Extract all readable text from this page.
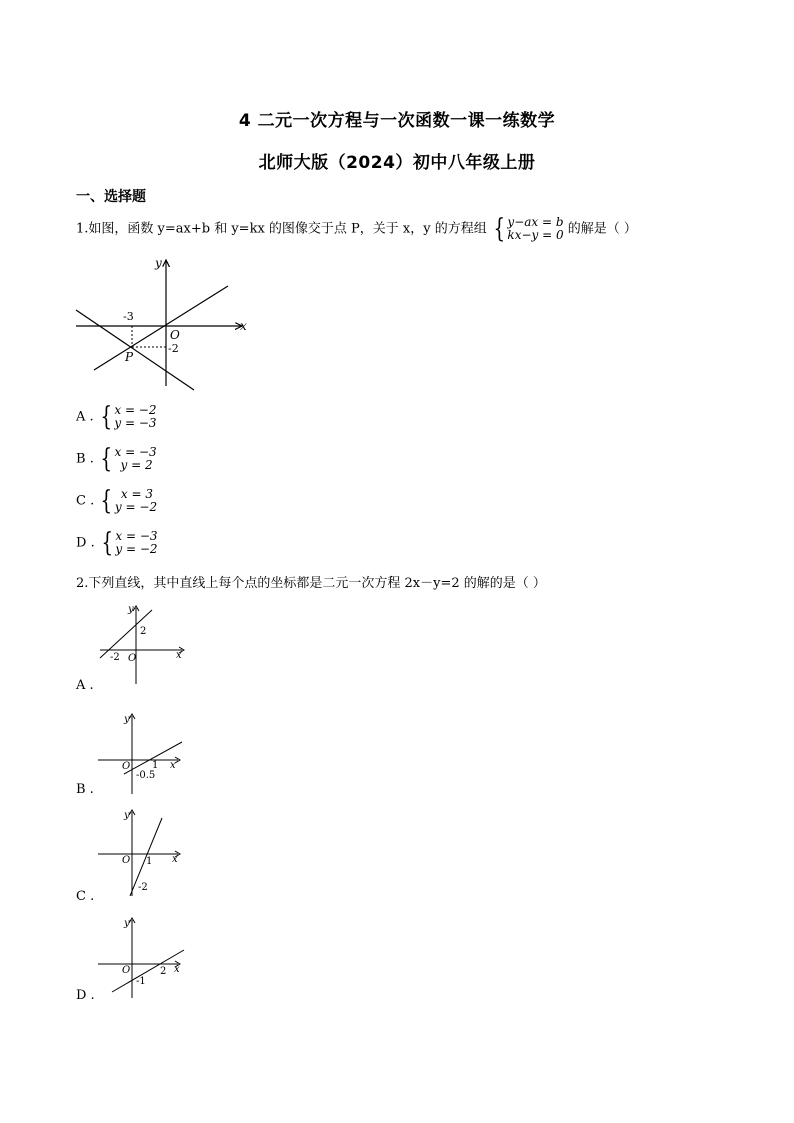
4 二元一次方程与一次函数一课一练数学
北师大版（2024）初中八年级上册
一、选择题
1.如图，函数 y=ax+b 和 y=kx 的图像交于点 P，关于 x，y 的方程组 { y−ax = b
kx−y = 0 的解是（ ）
y
x
O
-3
-2
P
A . { x = −2
y = −3
B . { x = −3
y = 2
C . { x = 3
y = −2
D . { x = −3
y = −2
2.下列直线，其中直线上每个点的坐标都是二元一次方程 2x－y=2 的解的是（ ）
y
x
O
2
-2
A .
y
x
O 1
-0.5
B .
y
x
O 1
-2
C .
y
x
O	2
-1
D .
